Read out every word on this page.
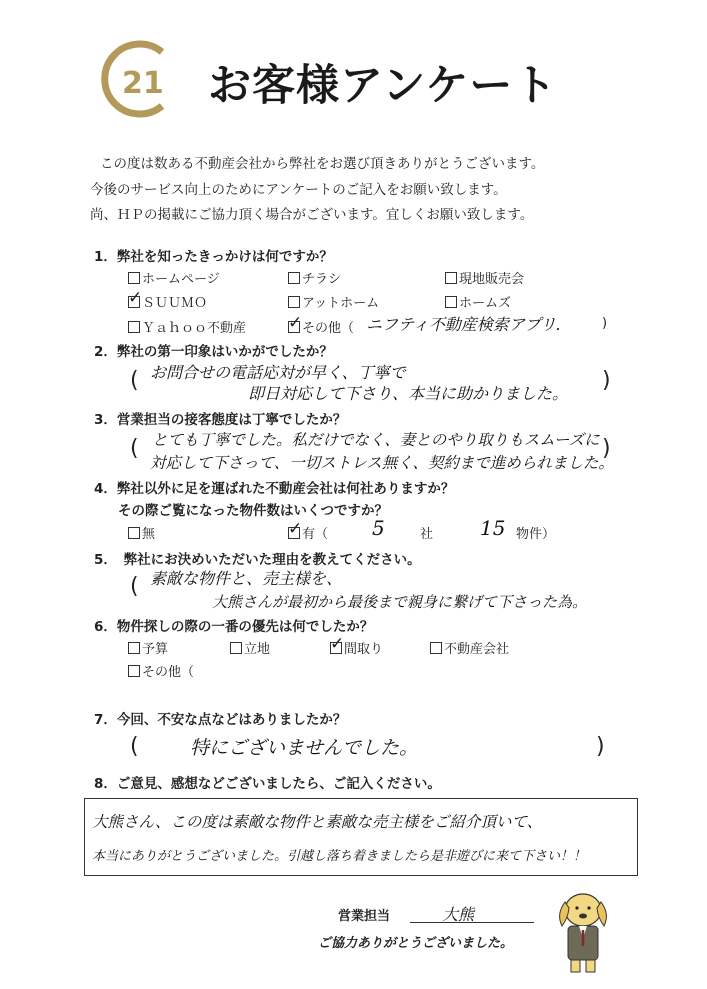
21 お客様アンケート
この度は数ある不動産会社から弊社をお選び頂きありがとうございます。
今後のサービス向上のためにアンケートのご記入をお願い致します。
尚、ＨＰの掲載にご協力頂く場合がございます。宜しくお願い致します。
1．弊社を知ったきっかけは何ですか？
ホームページ	チラシ	現地販売会
✓ ＳＵＵＭＯ	アットホーム	ホームズ
Ｙａｈｏｏ不動産 ✓ その他（ ニフティ不動産検索アプリ． )
2．弊社の第一印象はいかがでしたか？
( お問合せの電話応対が早く、丁寧で
即日対応して下さり、本当に助かりました。
)
3．営業担当の接客態度は丁寧でしたか？
( とても丁寧でした。私だけでなく、妻とのやり取りもスムーズに
対応して下さって、一切ストレス無く、契約まで進められました。
)
4．弊社以外に足を運ばれた不動産会社は何社ありますか？
その際ご覧になった物件数はいくつですか？
無	✓ 有（ 5	社 15 物件）
5．　弊社にお決めいただいた理由を教えてください。
( 素敵な物件と、売主様を、
大熊さんが最初から最後まで親身に繋げて下さった為。
6．物件探しの際の一番の優先は何でしたか？
予算	立地	✓ 間取り	不動産会社
その他（
7．今回、不安な点などはありましたか？
(	特にございませんでした。	)
8．ご意見、感想などございましたら、ご記入ください。
大熊さん、この度は素敵な物件と素敵な売主様をご紹介頂いて、
本当にありがとうございました。引越し落ち着きましたら是非遊びに来て下さい！！
営業担当	大熊
ご協力ありがとうございました。
